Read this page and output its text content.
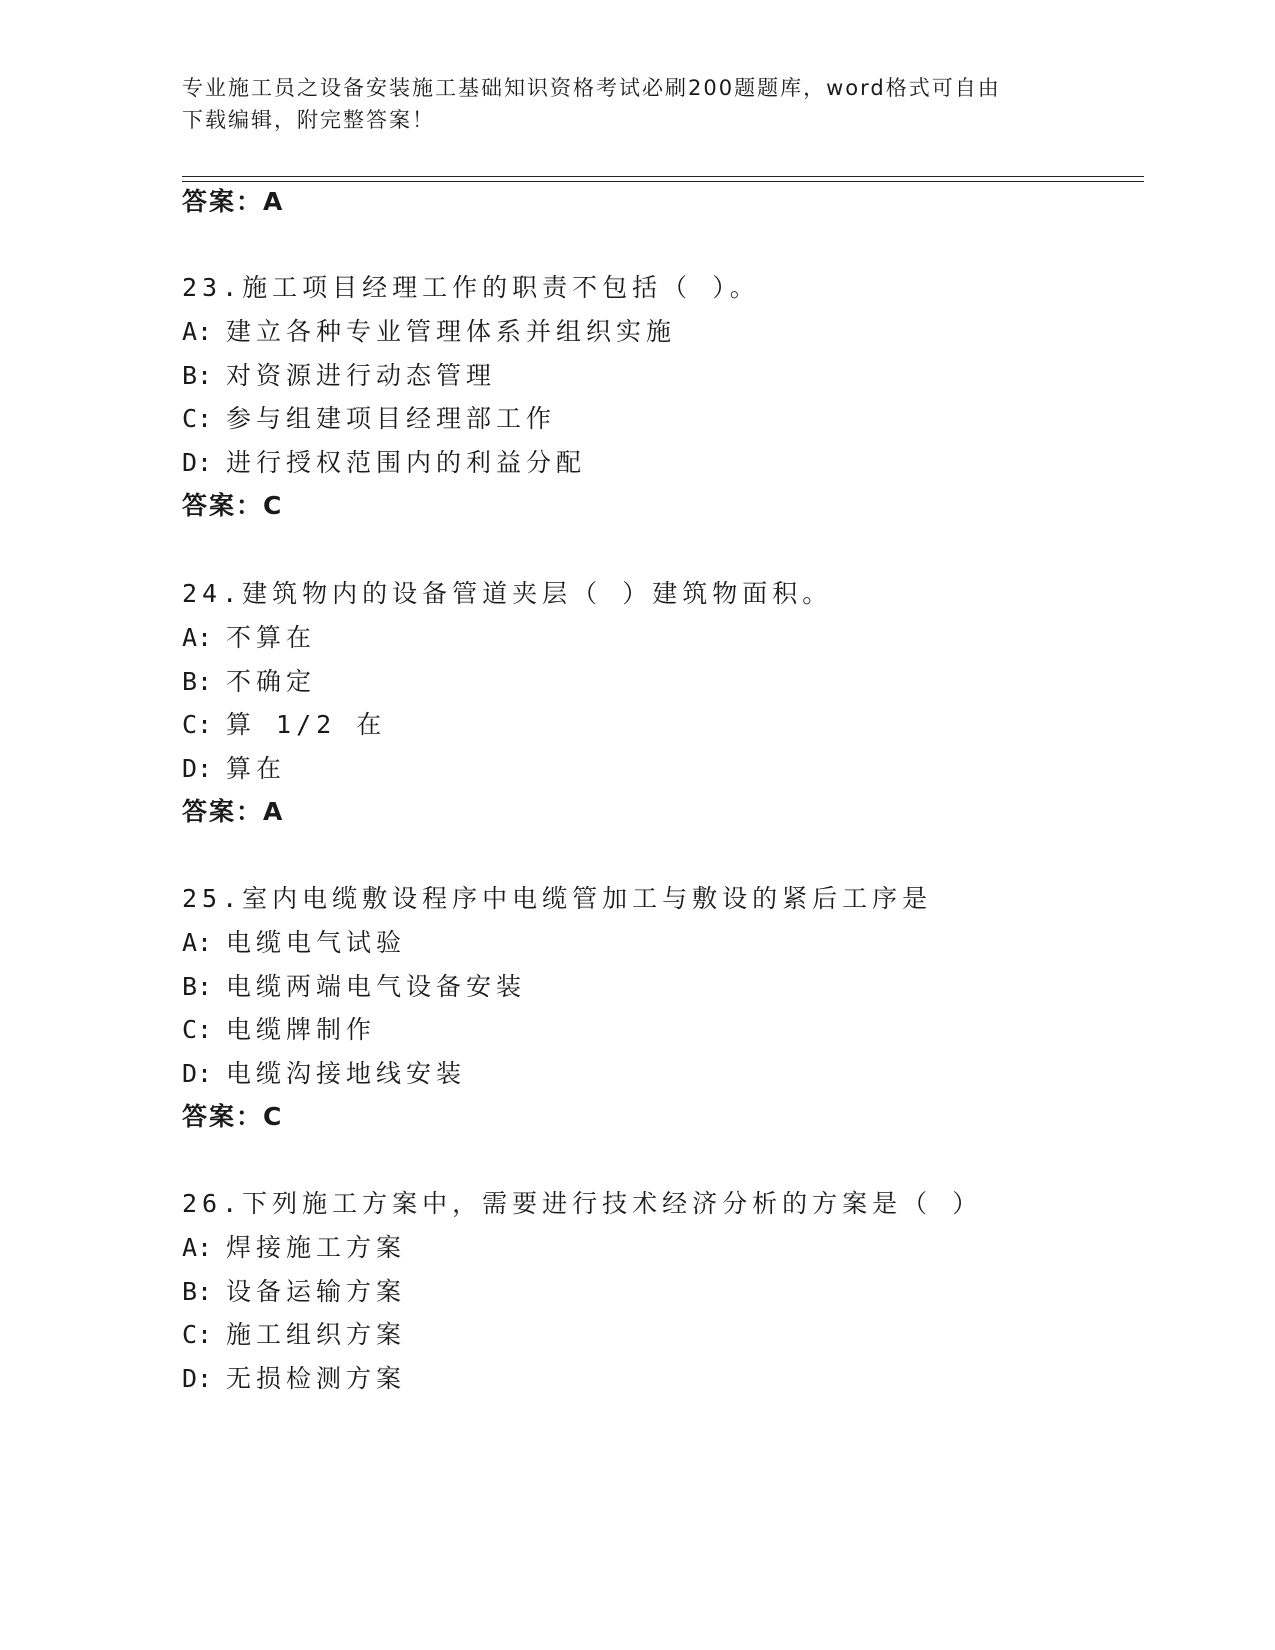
专业施工员之设备安装施工基础知识资格考试必刷200题题库，word格式可自由
下载编辑，附完整答案！
答案：A
23.施工项目经理工作的职责不包括（ ）。
A: 建立各种专业管理体系并组织实施
B: 对资源进行动态管理
C: 参与组建项目经理部工作
D: 进行授权范围内的利益分配
答案：C
24.建筑物内的设备管道夹层（ ）建筑物面积。
A: 不算在
B: 不确定
C: 算 1/2 在
D: 算在
答案：A
25.室内电缆敷设程序中电缆管加工与敷设的紧后工序是
A: 电缆电气试验
B: 电缆两端电气设备安装
C: 电缆牌制作
D: 电缆沟接地线安装
答案：C
26.下列施工方案中，需要进行技术经济分析的方案是（ ）
A: 焊接施工方案
B: 设备运输方案
C: 施工组织方案
D: 无损检测方案
